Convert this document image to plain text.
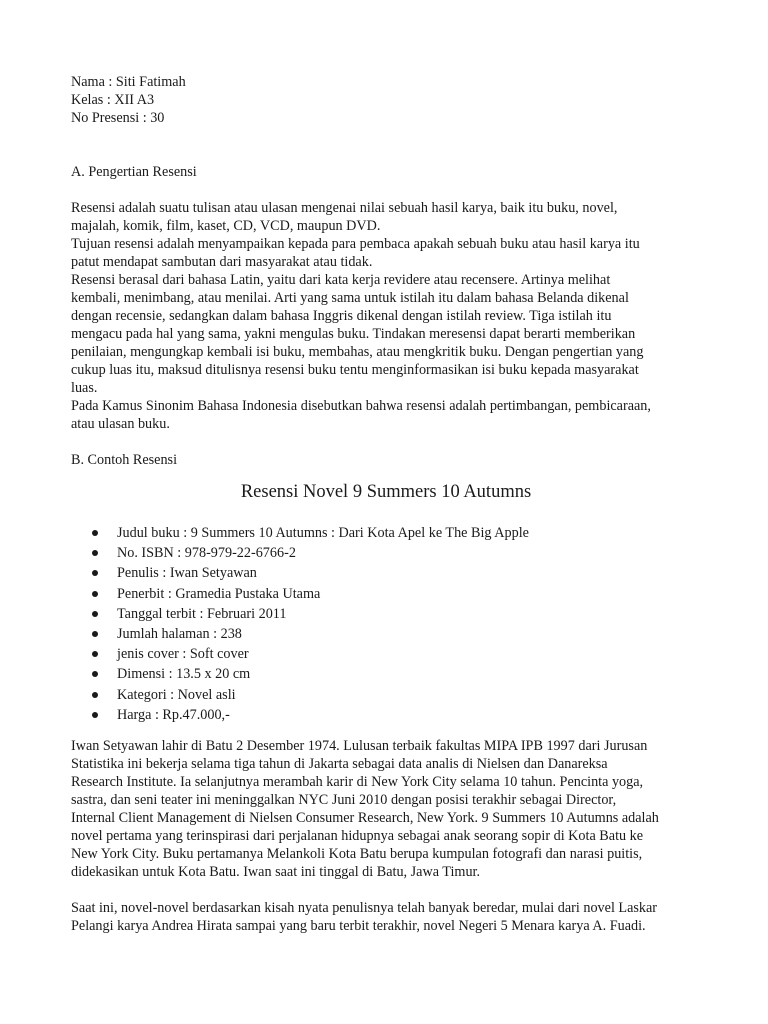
Nama : Siti Fatimah
Kelas : XII A3
No Presensi : 30
A. Pengertian Resensi
Resensi adalah suatu tulisan atau ulasan mengenai nilai sebuah hasil karya, baik itu buku, novel,
majalah, komik, film, kaset, CD, VCD, maupun DVD.
Tujuan resensi adalah menyampaikan kepada para pembaca apakah sebuah buku atau hasil karya itu
patut mendapat sambutan dari masyarakat atau tidak.
Resensi berasal dari bahasa Latin, yaitu dari kata kerja revidere atau recensere. Artinya melihat
kembali, menimbang, atau menilai. Arti yang sama untuk istilah itu dalam bahasa Belanda dikenal
dengan recensie, sedangkan dalam bahasa Inggris dikenal dengan istilah review. Tiga istilah itu
mengacu pada hal yang sama, yakni mengulas buku. Tindakan meresensi dapat berarti memberikan
penilaian, mengungkap kembali isi buku, membahas, atau mengkritik buku. Dengan pengertian yang
cukup luas itu, maksud ditulisnya resensi buku tentu menginformasikan isi buku kepada masyarakat
luas.
Pada Kamus Sinonim Bahasa Indonesia disebutkan bahwa resensi adalah pertimbangan, pembicaraan,
atau ulasan buku.
B. Contoh Resensi
Resensi Novel 9 Summers 10 Autumns
Judul buku : 9 Summers 10 Autumns : Dari Kota Apel ke The Big Apple
No. ISBN : 978-979-22-6766-2
Penulis : Iwan Setyawan
Penerbit : Gramedia Pustaka Utama
Tanggal terbit : Februari 2011
Jumlah halaman : 238
jenis cover : Soft cover
Dimensi : 13.5 x 20 cm
Kategori : Novel asli
Harga : Rp.47.000,-
Iwan Setyawan lahir di Batu 2 Desember 1974. Lulusan terbaik fakultas MIPA IPB 1997 dari Jurusan
Statistika ini bekerja selama tiga tahun di Jakarta sebagai data analis di Nielsen dan Danareksa
Research Institute. Ia selanjutnya merambah karir di New York City selama 10 tahun. Pencinta yoga,
sastra, dan seni teater ini meninggalkan NYC Juni 2010 dengan posisi terakhir sebagai Director,
Internal Client Management di Nielsen Consumer Research, New York. 9 Summers 10 Autumns adalah
novel pertama yang terinspirasi dari perjalanan hidupnya sebagai anak seorang sopir di Kota Batu ke
New York City. Buku pertamanya Melankoli Kota Batu berupa kumpulan fotografi dan narasi puitis,
didekasikan untuk Kota Batu. Iwan saat ini tinggal di Batu, Jawa Timur.
Saat ini, novel-novel berdasarkan kisah nyata penulisnya telah banyak beredar, mulai dari novel Laskar
Pelangi karya Andrea Hirata sampai yang baru terbit terakhir, novel Negeri 5 Menara karya A. Fuadi.
